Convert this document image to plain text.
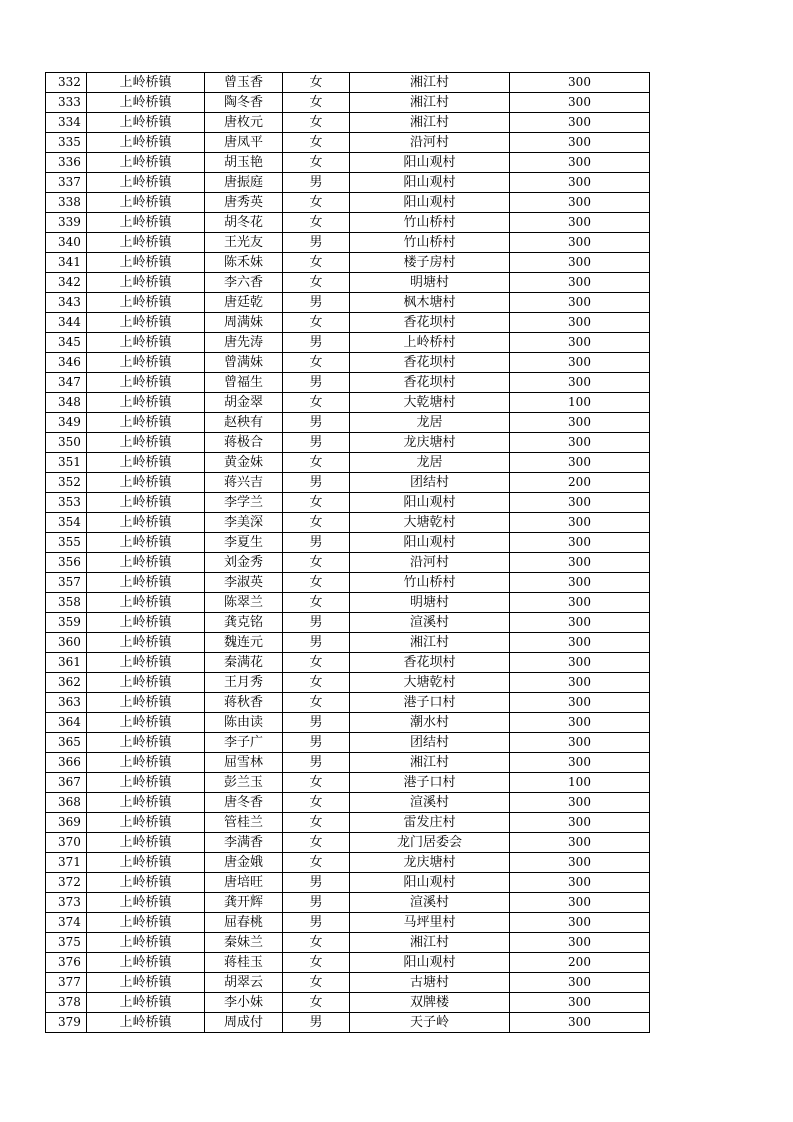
332	上岭桥镇	曾玉香	女	湘江村	300
333	上岭桥镇	陶冬香	女	湘江村	300
334	上岭桥镇	唐枚元	女	湘江村	300
335	上岭桥镇	唐凤平	女	沿河村	300
336	上岭桥镇	胡玉艳	女	阳山观村	300
337	上岭桥镇	唐振庭	男	阳山观村	300
338	上岭桥镇	唐秀英	女	阳山观村	300
339	上岭桥镇	胡冬花	女	竹山桥村	300
340	上岭桥镇	王光友	男	竹山桥村	300
341	上岭桥镇	陈禾妹	女	楼子房村	300
342	上岭桥镇	李六香	女	明塘村	300
343	上岭桥镇	唐廷乾	男	枫木塘村	300
344	上岭桥镇	周满妹	女	香花坝村	300
345	上岭桥镇	唐先涛	男	上岭桥村	300
346	上岭桥镇	曾满妹	女	香花坝村	300
347	上岭桥镇	曾福生	男	香花坝村	300
348	上岭桥镇	胡金翠	女	大乾塘村	100
349	上岭桥镇	赵秧有	男	龙居	300
350	上岭桥镇	蒋极合	男	龙庆塘村	300
351	上岭桥镇	黄金妹	女	龙居	300
352	上岭桥镇	蒋兴吉	男	团结村	200
353	上岭桥镇	李学兰	女	阳山观村	300
354	上岭桥镇	李美深	女	大塘乾村	300
355	上岭桥镇	李夏生	男	阳山观村	300
356	上岭桥镇	刘金秀	女	沿河村	300
357	上岭桥镇	李淑英	女	竹山桥村	300
358	上岭桥镇	陈翠兰	女	明塘村	300
359	上岭桥镇	龚克铭	男	渲溪村	300
360	上岭桥镇	魏连元	男	湘江村	300
361	上岭桥镇	秦满花	女	香花坝村	300
362	上岭桥镇	王月秀	女	大塘乾村	300
363	上岭桥镇	蒋秋香	女	港子口村	300
364	上岭桥镇	陈由读	男	潮水村	300
365	上岭桥镇	李子广	男	团结村	300
366	上岭桥镇	屈雪林	男	湘江村	300
367	上岭桥镇	彭兰玉	女	港子口村	100
368	上岭桥镇	唐冬香	女	渲溪村	300
369	上岭桥镇	管桂兰	女	雷发庄村	300
370	上岭桥镇	李满香	女	龙门居委会	300
371	上岭桥镇	唐金娥	女	龙庆塘村	300
372	上岭桥镇	唐培旺	男	阳山观村	300
373	上岭桥镇	龚开辉	男	渲溪村	300
374	上岭桥镇	屈春桃	男	马坪里村	300
375	上岭桥镇	秦妹兰	女	湘江村	300
376	上岭桥镇	蒋桂玉	女	阳山观村	200
377	上岭桥镇	胡翠云	女	古塘村	300
378	上岭桥镇	李小妹	女	双牌楼	300
379	上岭桥镇	周成付	男	天子岭	300
